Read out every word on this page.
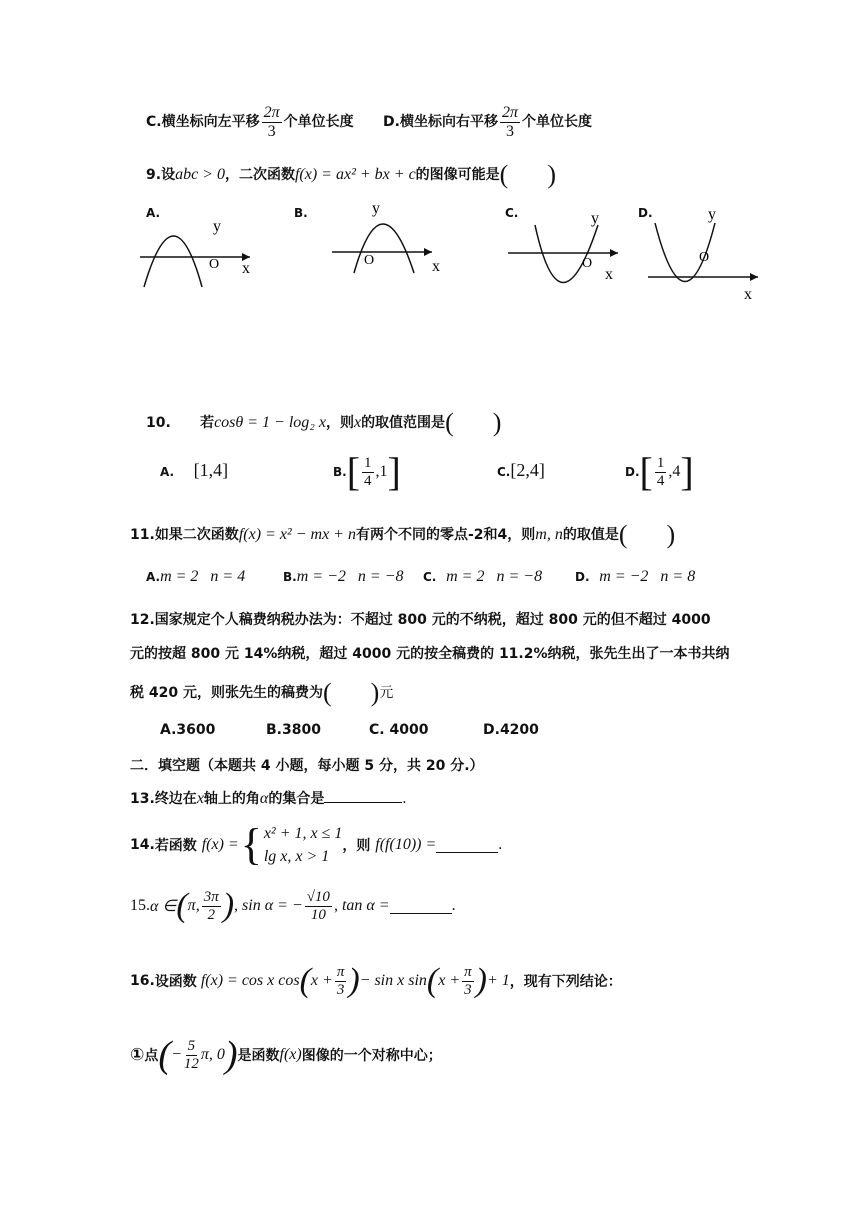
C.横坐标向左平移 $\frac{2\pi}{3}$ 个单位长度 D.横坐标向右平移 $\frac{2\pi}{3}$ 个单位长度
9.设abc > 0，二次函数f(x) = ax² + bx + c的图像可能是(      )
A.	B.	C.	D.
y
O x
y
O	x
y
O
x
y
O
x
10. 若cosθ = 1 − log₂ x，则x的取值范围是(      )
A. [1,4]	$B.[ \frac{1}{4} ,1]$	C.[2,4]	$D.[ \frac{1}{4} ,4]$
11.如果二次函数f(x) = x² − mx + n有两个不同的零点-2和4，则m, n的取值是(      )
A.m = 2   n = 4	B.m = −2   n = −8 C. m = 2   n = −8	D. m = −2   n = 8
12.国家规定个人稿费纳税办法为：不超过 800 元的不纳税，超过 800 元的但不超过 4000
元的按超 800 元 14%纳税，超过 4000 元的按全稿费的 11.2%纳税，张先生出了一本书共纳
税 420 元，则张先生的稿费为(      )元
A.3600	B.3800	C. 4000	D.4200
二．填空题（本题共 4 小题，每小题 5 分，共 20 分.）
13.终边在x轴上的角α的集合是	.
14. 若函数
f(x) = { x² + 1, x ≤ 1
lg x, x > 1
，则
f(f(10)) =	.
15. α ∈ ( π, $\frac{3\pi}{2}$ ) , sin α = − $\frac{√10}{10}$ , tan α =	.
16. 设函数 f(x) = cos x cos ( $x + \frac{\pi}{3}$ ) − sin x sin ( $x + \frac{\pi}{3}$ ) + 1 ，现有下列结论：
① 点 ( − $\frac{5}{12} \pi$, 0 ) 是函数 f(x) 图像的一个对称中心；
